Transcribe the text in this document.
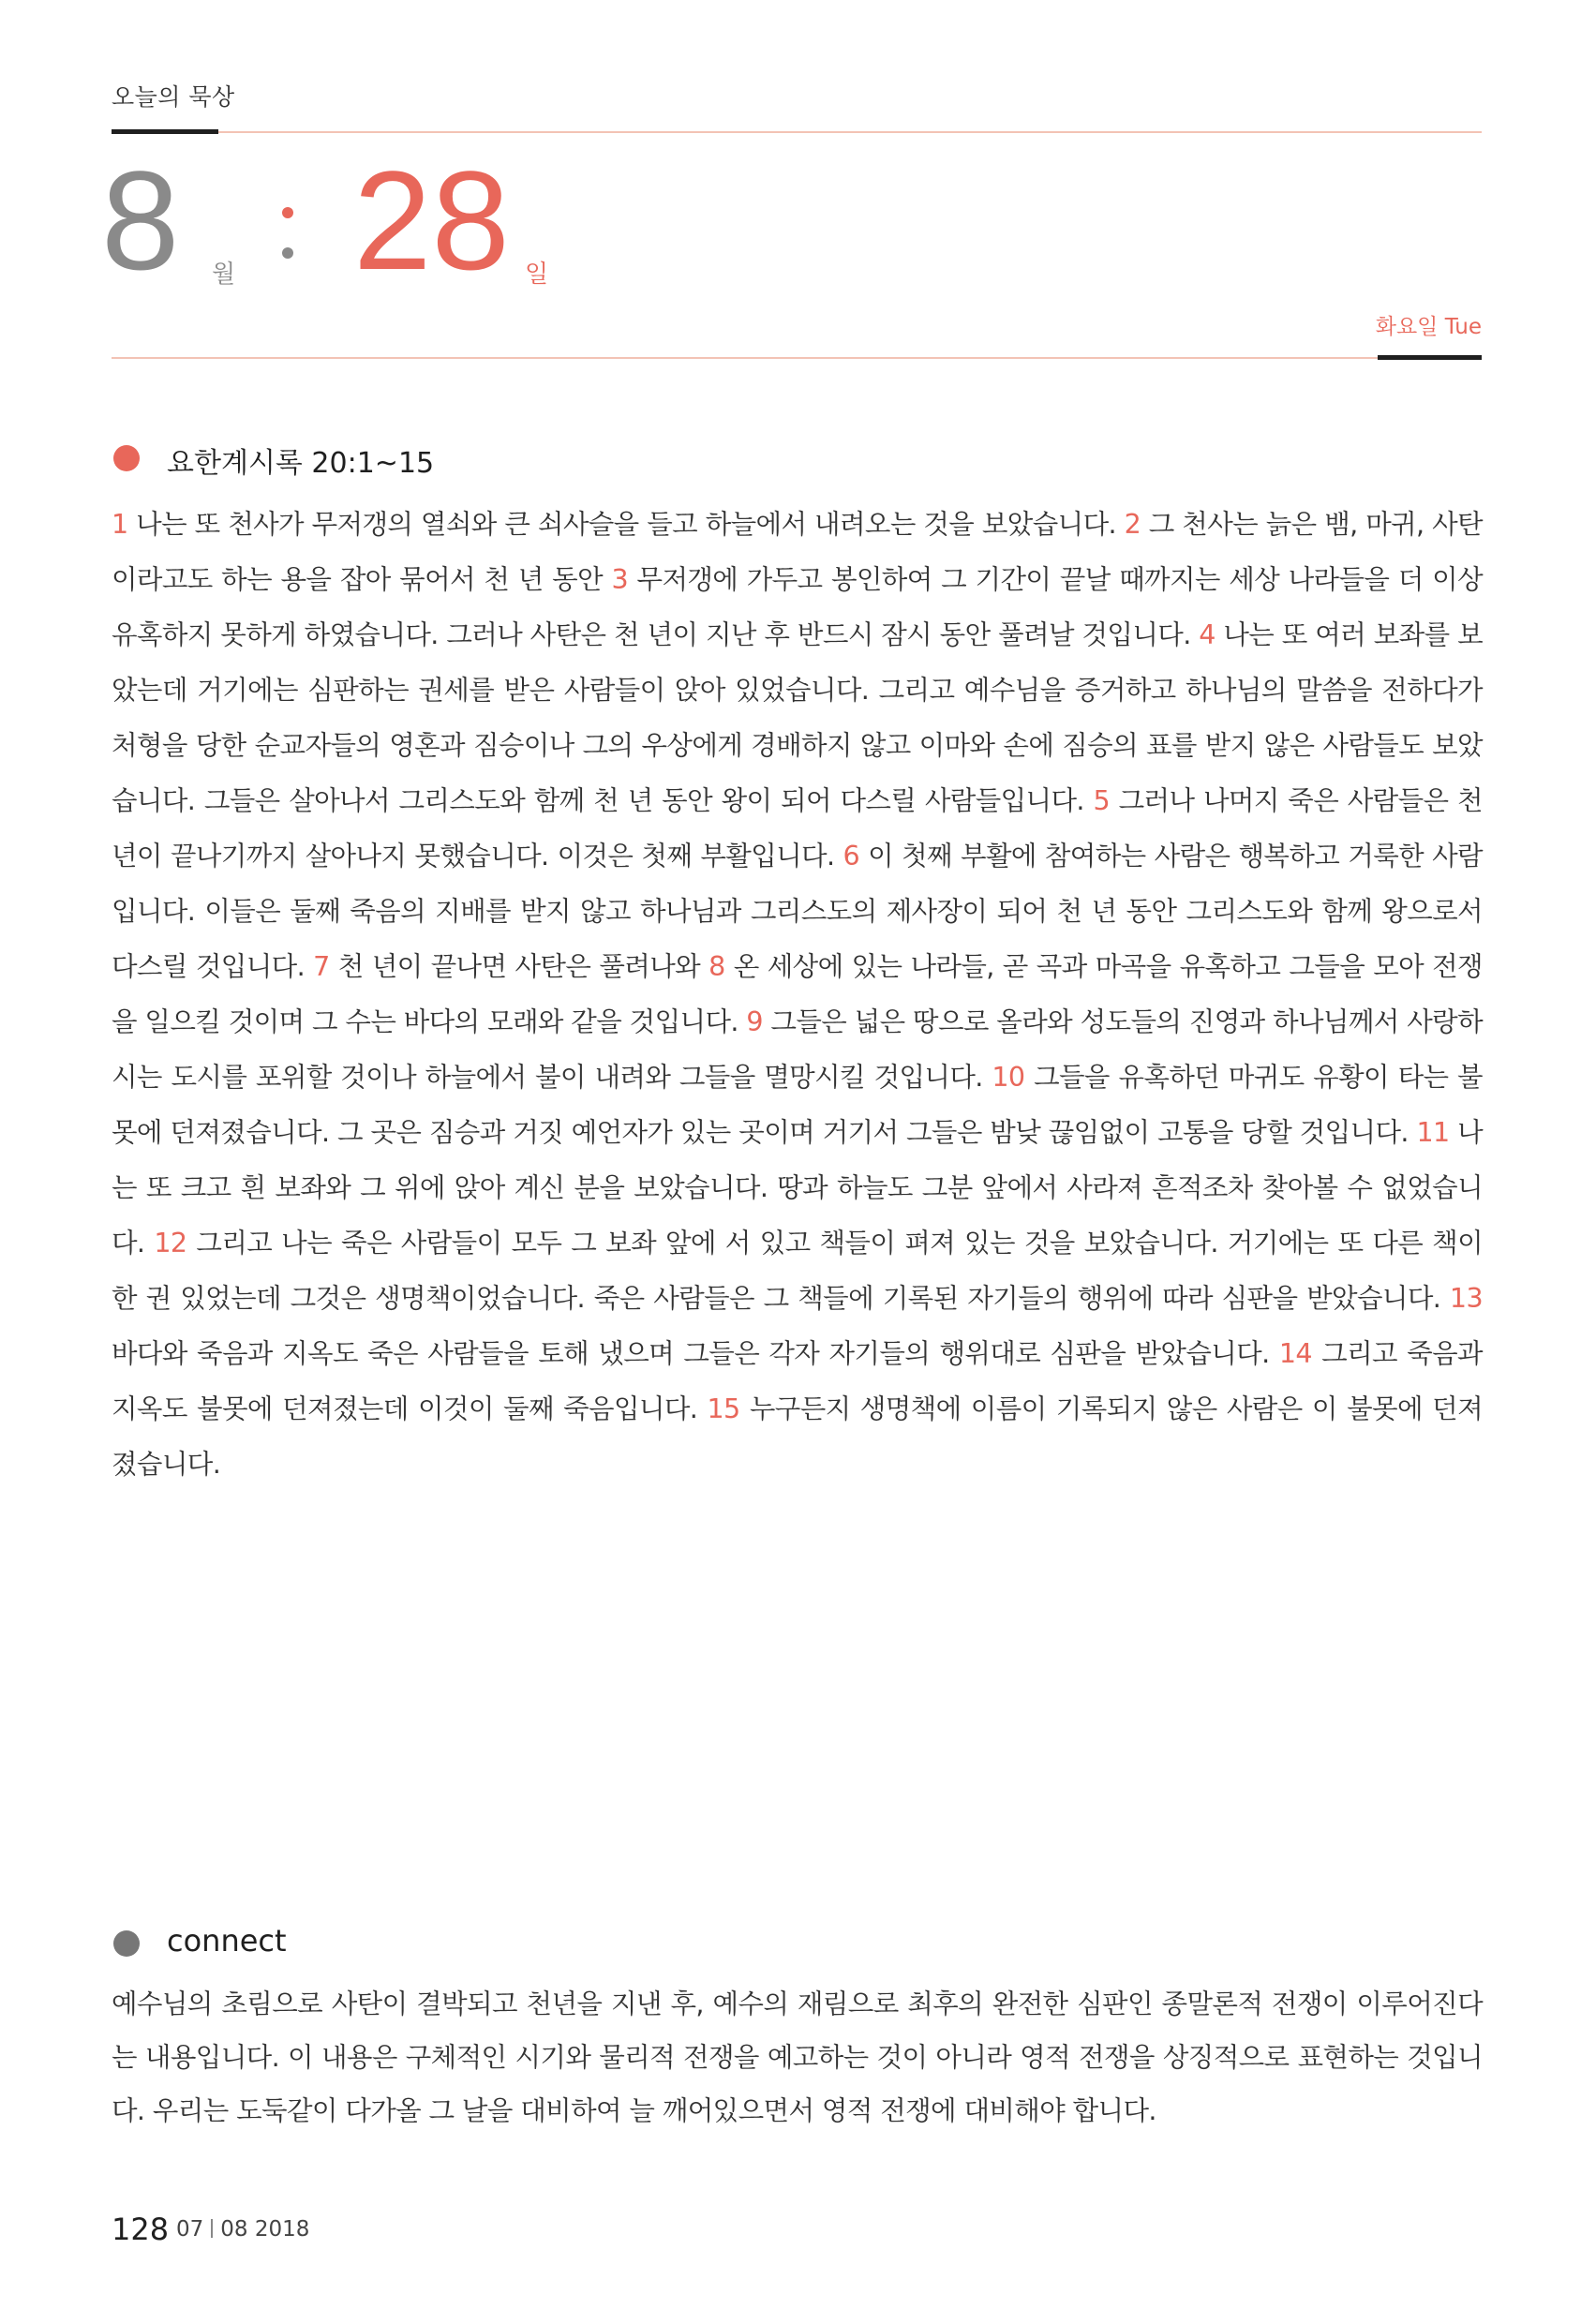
오늘의 묵상
8 월 28 일
화요일 Tue
요한계시록 20:1~15
1 나는 또 천사가 무저갱의 열쇠와 큰 쇠사슬을 들고 하늘에서 내려오는 것을 보았습니다. 2 그 천사는 늙은 뱀, 마귀, 사탄이라고도 하는 용을 잡아 묶어서 천 년 동안 3 무저갱에 가두고 봉인하여 그 기간이 끝날 때까지는 세상 나라들을 더 이상 유혹하지 못하게 하였습니다. 그러나 사탄은 천 년이 지난 후 반드시 잠시 동안 풀려날 것입니다. 4 나는 또 여러 보좌를 보았는데 거기에는 심판하는 권세를 받은 사람들이 앉아 있었습니다. 그리고 예수님을 증거하고 하나님의 말씀을 전하다가 처형을 당한 순교자들의 영혼과 짐승이나 그의 우상에게 경배하지 않고 이마와 손에 짐승의 표를 받지 않은 사람들도 보았습니다. 그들은 살아나서 그리스도와 함께 천 년 동안 왕이 되어 다스릴 사람들입니다. 5 그러나 나머지 죽은 사람들은 천 년이 끝나기까지 살아나지 못했습니다. 이것은 첫째 부활입니다. 6 이 첫째 부활에 참여하는 사람은 행복하고 거룩한 사람입니다. 이들은 둘째 죽음의 지배를 받지 않고 하나님과 그리스도의 제사장이 되어 천 년 동안 그리스도와 함께 왕으로서 다스릴 것입니다. 7 천 년이 끝나면 사탄은 풀려나와 8 온 세상에 있는 나라들, 곧 곡과 마곡을 유혹하고 그들을 모아 전쟁을 일으킬 것이며 그 수는 바다의 모래와 같을 것입니다. 9 그들은 넓은 땅으로 올라와 성도들의 진영과 하나님께서 사랑하시는 도시를 포위할 것이나 하늘에서 불이 내려와 그들을 멸망시킬 것입니다. 10 그들을 유혹하던 마귀도 유황이 타는 불못에 던져졌습니다. 그 곳은 짐승과 거짓 예언자가 있는 곳이며 거기서 그들은 밤낮 끊임없이 고통을 당할 것입니다. 11 나는 또 크고 흰 보좌와 그 위에 앉아 계신 분을 보았습니다. 땅과 하늘도 그분 앞에서 사라져 흔적조차 찾아볼 수 없었습니다. 12 그리고 나는 죽은 사람들이 모두 그 보좌 앞에 서 있고 책들이 펴져 있는 것을 보았습니다. 거기에는 또 다른 책이 한 권 있었는데 그것은 생명책이었습니다. 죽은 사람들은 그 책들에 기록된 자기들의 행위에 따라 심판을 받았습니다. 13 바다와 죽음과 지옥도 죽은 사람들을 토해 냈으며 그들은 각자 자기들의 행위대로 심판을 받았습니다. 14 그리고 죽음과 지옥도 불못에 던져졌는데 이것이 둘째 죽음입니다. 15 누구든지 생명책에 이름이 기록되지 않은 사람은 이 불못에 던져졌습니다.
connect
예수님의 초림으로 사탄이 결박되고 천년을 지낸 후, 예수의 재림으로 최후의 완전한 심판인 종말론적 전쟁이 이루어진다는 내용입니다. 이 내용은 구체적인 시기와 물리적 전쟁을 예고하는 것이 아니라 영적 전쟁을 상징적으로 표현하는 것입니다. 우리는 도둑같이 다가올 그 날을 대비하여 늘 깨어있으면서 영적 전쟁에 대비해야 합니다.
128 07 08 2018
